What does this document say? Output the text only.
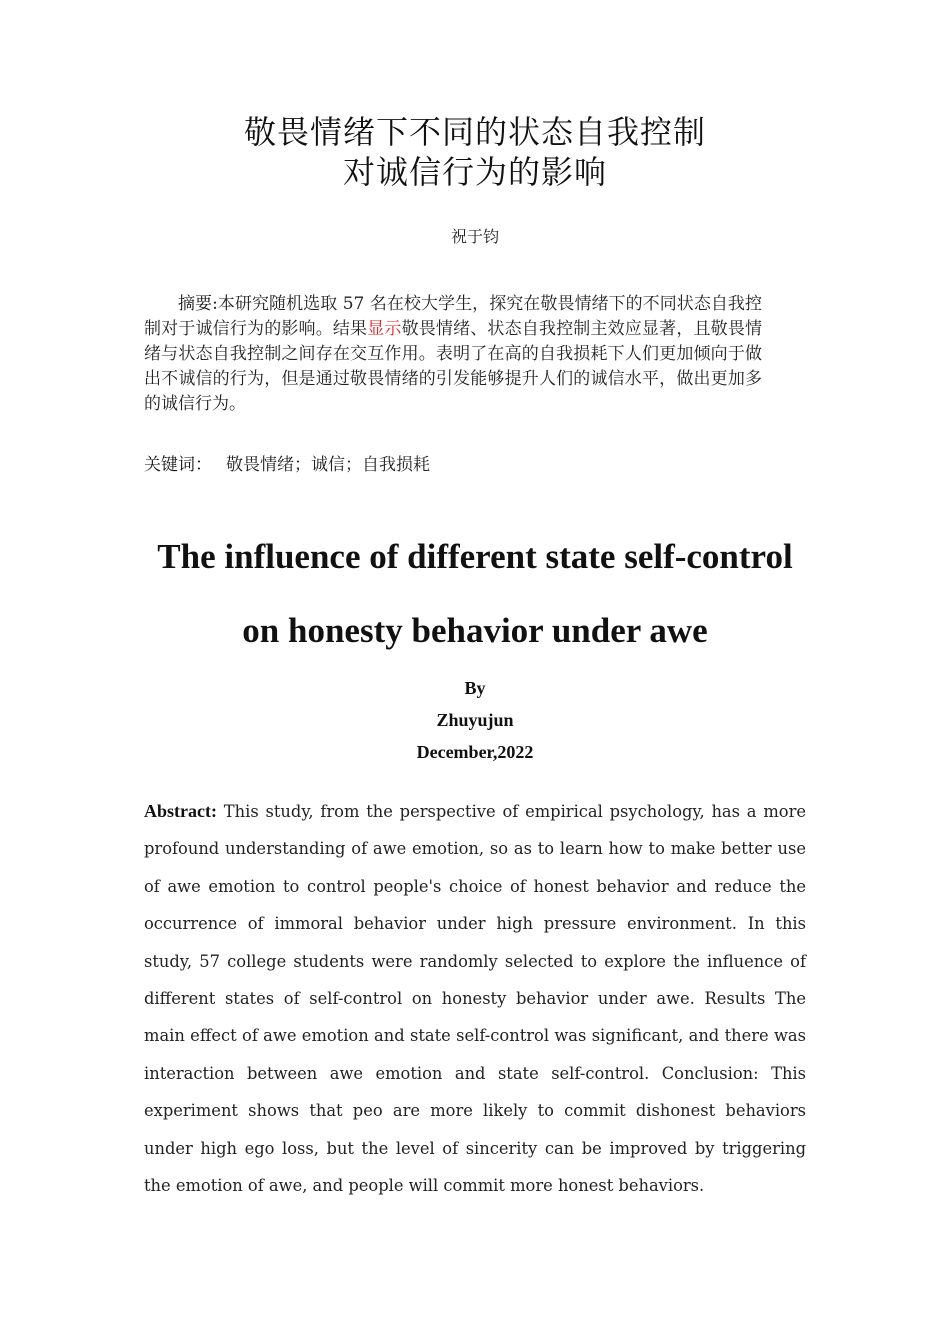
敬畏情绪下不同的状态自我控制
对诚信行为的影响
祝于钧
摘要:本研究随机选取 57 名在校大学生，探究在敬畏情绪下的不同状态自我控制对于诚信行为的影响。结果显示敬畏情绪、状态自我控制主效应显著，且敬畏情绪与状态自我控制之间存在交互作用。表明了在高的自我损耗下人们更加倾向于做出不诚信的行为，但是通过敬畏情绪的引发能够提升人们的诚信水平，做出更加多的诚信行为。
关键词： 敬畏情绪；诚信；自我损耗
The influence of different state self-control
on honesty behavior under awe
By
Zhuyujun
December,2022
Abstract: This study, from the perspective of empirical psychology, has a more profound understanding of awe emotion, so as to learn how to make better use of awe emotion to control people's choice of honest behavior and reduce the occurrence of immoral behavior under high pressure environment. In this study, 57 college students were randomly selected to explore the influence of different states of self-control on honesty behavior under awe. Results The main effect of awe emotion and state self-control was significant, and there was interaction between awe emotion and state self-control. Conclusion: This experiment shows that peo are more likely to commit dishonest behaviors under high ego loss, but the level of sincerity can be improved by triggering the emotion of awe, and people will commit more honest behaviors.
